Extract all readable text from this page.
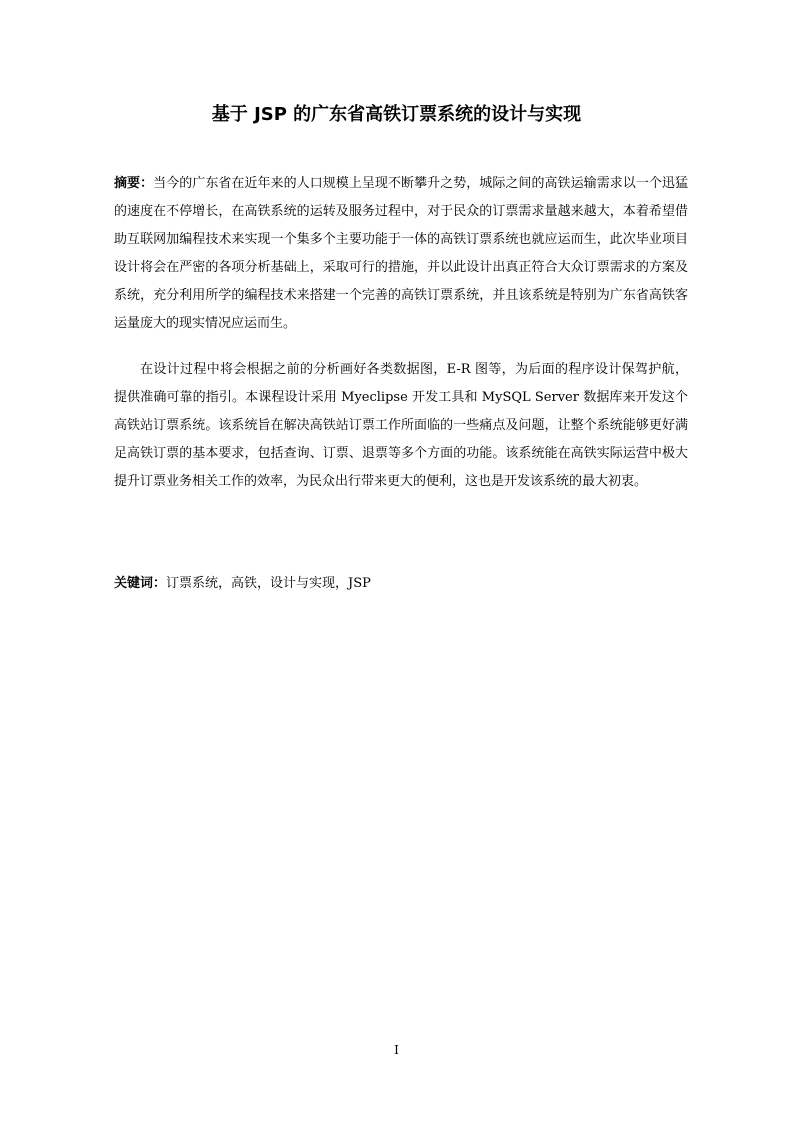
基于 JSP 的广东省高铁订票系统的设计与实现

摘要：当今的广东省在近年来的人口规模上呈现不断攀升之势，城际之间的高铁运输需求以一个迅猛的速度在不停增长，在高铁系统的运转及服务过程中，对于民众的订票需求量越来越大，本着希望借助互联网加编程技术来实现一个集多个主要功能于一体的高铁订票系统也就应运而生，此次毕业项目设计将会在严密的各项分析基础上，采取可行的措施，并以此设计出真正符合大众订票需求的方案及系统，充分利用所学的编程技术来搭建一个完善的高铁订票系统，并且该系统是特别为广东省高铁客运量庞大的现实情况应运而生。

在设计过程中将会根据之前的分析画好各类数据图，E-R 图等，为后面的程序设计保驾护航，提供准确可靠的指引。本课程设计采用 Myeclipse 开发工具和 MySQL Server 数据库来开发这个高铁站订票系统。该系统旨在解决高铁站订票工作所面临的一些痛点及问题，让整个系统能够更好满足高铁订票的基本要求，包括查询、订票、退票等多个方面的功能。该系统能在高铁实际运营中极大提升订票业务相关工作的效率，为民众出行带来更大的便利，这也是开发该系统的最大初衷。

关键词：订票系统，高铁，设计与实现，JSP

I
